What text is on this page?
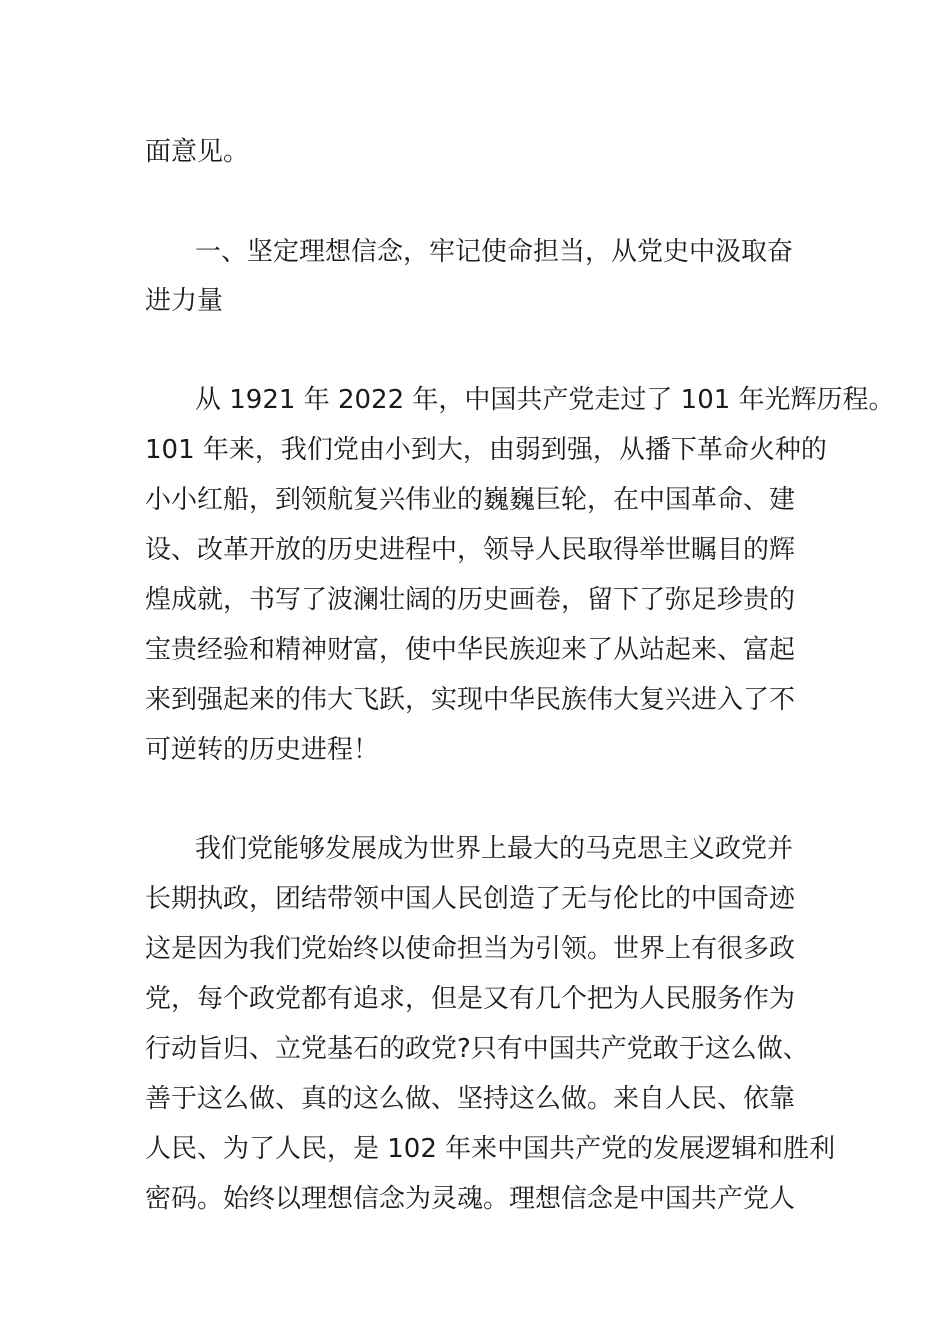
面意见。
一、坚定理想信念，牢记使命担当，从党史中汲取奋
进力量
从 1921 年 2022 年，中国共产党走过了 101 年光辉历程。
101 年来，我们党由小到大，由弱到强，从播下革命火种的
小小红船，到领航复兴伟业的巍巍巨轮，在中国革命、建
设、改革开放的历史进程中，领导人民取得举世瞩目的辉
煌成就，书写了波澜壮阔的历史画卷，留下了弥足珍贵的
宝贵经验和精神财富，使中华民族迎来了从站起来、富起
来到强起来的伟大飞跃，实现中华民族伟大复兴进入了不
可逆转的历史进程！
我们党能够发展成为世界上最大的马克思主义政党并
长期执政，团结带领中国人民创造了无与伦比的中国奇迹
这是因为我们党始终以使命担当为引领。世界上有很多政
党，每个政党都有追求，但是又有几个把为人民服务作为
行动旨归、立党基石的政党?只有中国共产党敢于这么做、
善于这么做、真的这么做、坚持这么做。来自人民、依靠
人民、为了人民，是 102 年来中国共产党的发展逻辑和胜利
密码。始终以理想信念为灵魂。理想信念是中国共产党人
